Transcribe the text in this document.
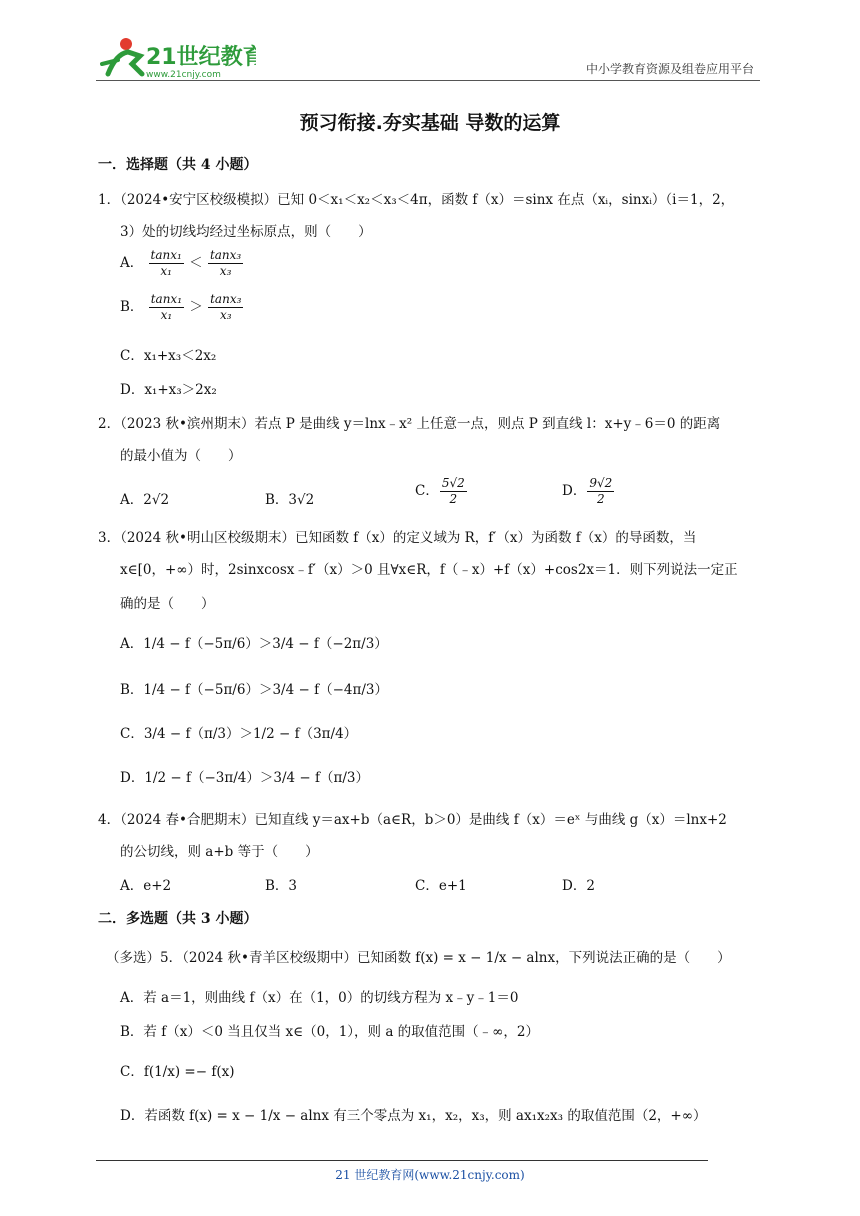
21世纪教育
www.21cnjy.com	中小学教育资源及组卷应用平台
预习衔接.夯实基础 导数的运算
一．选择题（共 4 小题）
1．（2024•安宁区校级模拟）已知 0＜x₁＜x₂＜x₃＜4π，函数 f（x）＝sinx 在点（xᵢ，sinxᵢ）（i＝1，2，
3）处的切线均经过坐标原点，则（　　）
A． $\frac{\text{tanx₁}}{\text{x₁}} < \frac{\text{tanx₃}}{\text{x₃}}$
B． $\frac{\text{tanx₁}}{\text{x₁}} > \frac{\text{tanx₃}}{\text{x₃}}$
C．x₁+x₃＜2x₂
D．x₁+x₃＞2x₂
2．（2023 秋•滨州期末）若点 P 是曲线 y＝lnx﹣x² 上任意一点，则点 P 到直线 l：x+y﹣6＝0 的距离
的最小值为（　　）
A．2√2	B．3√2
C． $\frac{5√2}{2}$	D． $\frac{9√2}{2}$
3．（2024 秋•明山区校级期末）已知函数 f（x）的定义域为 R，f′（x）为函数 f（x）的导函数，当
x∈[0，+∞）时，2sinxcosx﹣f′（x）＞0 且∀x∈R，f（﹣x）+f（x）+cos2x＝1．则下列说法一定正
确的是（　　）
A．1/4 − f（−5π/6）＞3/4 − f（−2π/3）
B．1/4 − f（−5π/6）＞3/4 − f（−4π/3）
C．3/4 − f（π/3）＞1/2 − f（3π/4）
D．1/2 − f（−3π/4）＞3/4 − f（π/3）
4．（2024 春•合肥期末）已知直线 y＝ax+b（a∈R，b＞0）是曲线 f（x）＝eˣ 与曲线 g（x）＝lnx+2
的公切线，则 a+b 等于（　　）
A．e+2	B．3	C．e+1	D．2
二．多选题（共 3 小题）
（多选）5．（2024 秋•青羊区校级期中）已知函数 f(x) = x − 1/x − alnx，下列说法正确的是（　　）
A．若 a＝1，则曲线 f（x）在（1，0）的切线方程为 x﹣y﹣1＝0
B．若 f（x）＜0 当且仅当 x∈（0，1），则 a 的取值范围（﹣∞，2）
C．f(1/x) =− f(x)
D．若函数 f(x) = x − 1/x − alnx 有三个零点为 x₁，x₂，x₃，则 ax₁x₂x₃ 的取值范围（2，+∞）
21 世纪教育网(www.21cnjy.com)
